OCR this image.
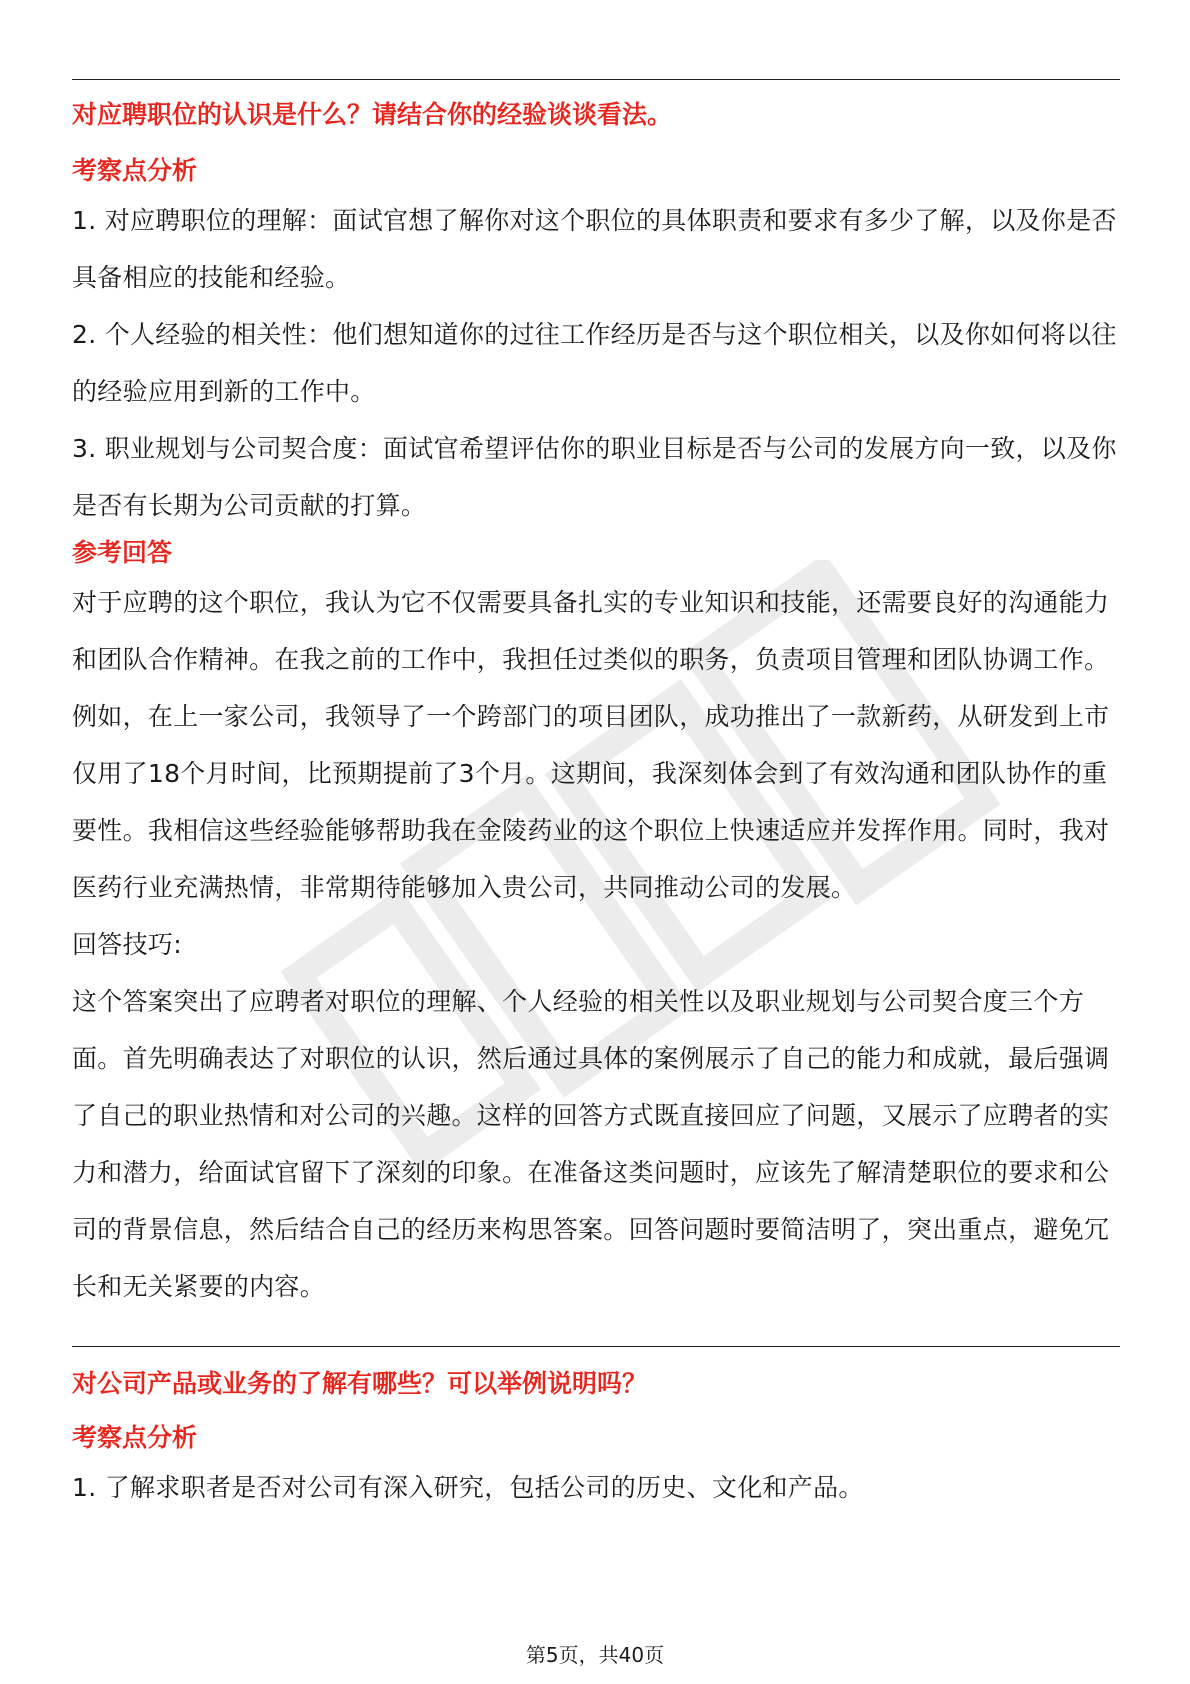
对应聘职位的认识是什么？请结合你的经验谈谈看法。

考察点分析

1. 对应聘职位的理解：面试官想了解你对这个职位的具体职责和要求有多少了解，以及你是否具备相应的技能和经验。

2. 个人经验的相关性：他们想知道你的过往工作经历是否与这个职位相关，以及你如何将以往的经验应用到新的工作中。

3. 职业规划与公司契合度：面试官希望评估你的职业目标是否与公司的发展方向一致，以及你是否有长期为公司贡献的打算。

参考回答

对于应聘的这个职位，我认为它不仅需要具备扎实的专业知识和技能，还需要良好的沟通能力和团队合作精神。在我之前的工作中，我担任过类似的职务，负责项目管理和团队协调工作。例如，在上一家公司，我领导了一个跨部门的项目团队，成功推出了一款新药，从研发到上市仅用了18个月时间，比预期提前了3个月。这期间，我深刻体会到了有效沟通和团队协作的重要性。我相信这些经验能够帮助我在金陵药业的这个职位上快速适应并发挥作用。同时，我对医药行业充满热情，非常期待能够加入贵公司，共同推动公司的发展。

回答技巧:

这个答案突出了应聘者对职位的理解、个人经验的相关性以及职业规划与公司契合度三个方面。首先明确表达了对职位的认识，然后通过具体的案例展示了自己的能力和成就，最后强调了自己的职业热情和对公司的兴趣。这样的回答方式既直接回应了问题，又展示了应聘者的实力和潜力，给面试官留下了深刻的印象。在准备这类问题时，应该先了解清楚职位的要求和公司的背景信息，然后结合自己的经历来构思答案。回答问题时要简洁明了，突出重点，避免冗长和无关紧要的内容。

对公司产品或业务的了解有哪些？可以举例说明吗？

考察点分析

1. 了解求职者是否对公司有深入研究，包括公司的历史、文化和产品。

第5页，共40页
